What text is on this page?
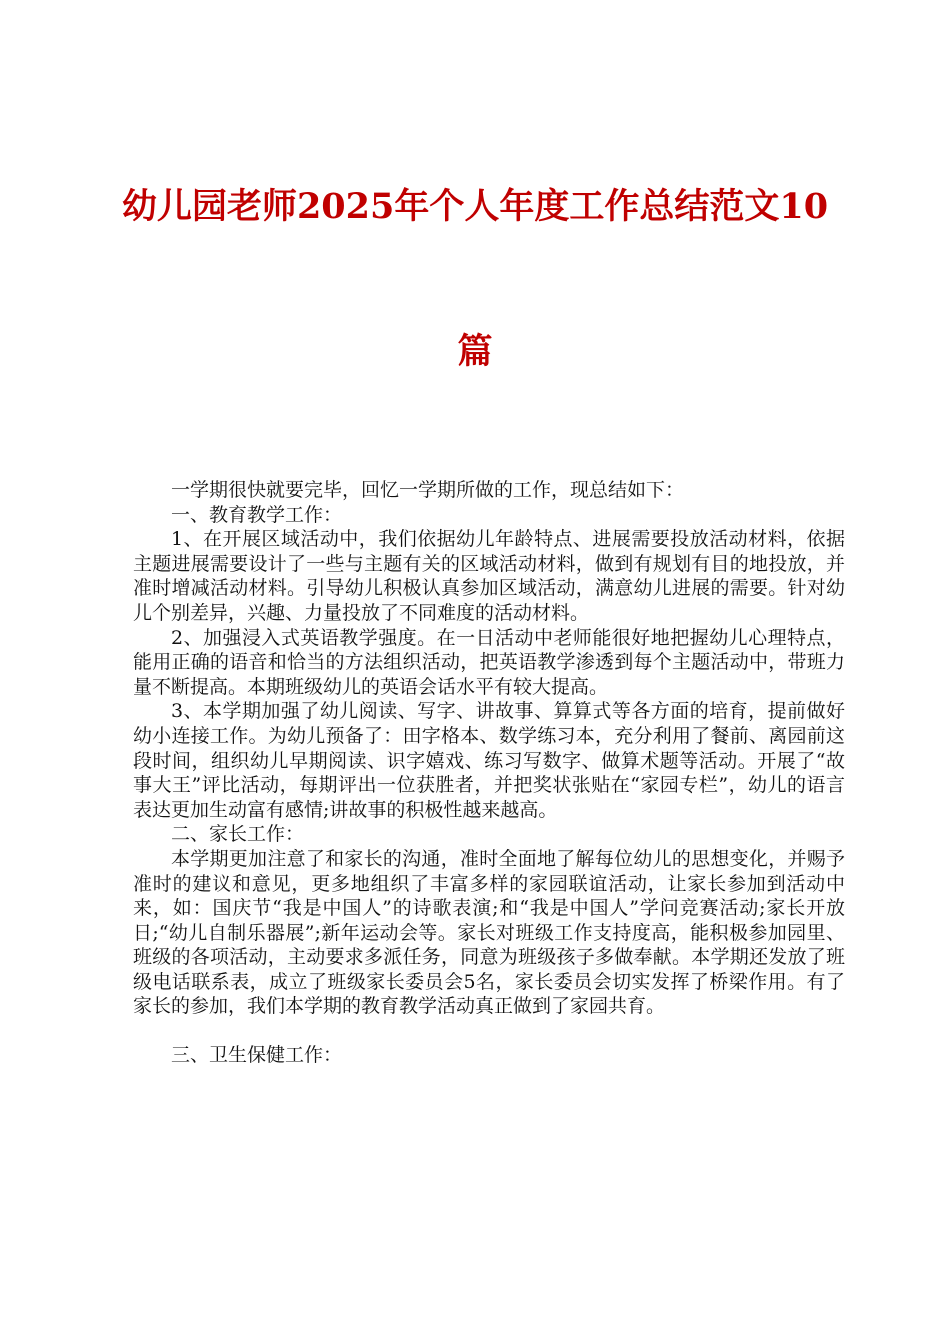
幼儿园老师2025年个人年度工作总结范文10
篇

一学期很快就要完毕，回忆一学期所做的工作，现总结如下：

一、教育教学工作：

1、在开展区域活动中，我们依据幼儿年龄特点、进展需要投放活动材料，依据主题进展需要设计了一些与主题有关的区域活动材料，做到有规划有目的地投放，并准时增减活动材料。引导幼儿积极认真参加区域活动，满意幼儿进展的需要。针对幼儿个别差异，兴趣、力量投放了不同难度的活动材料。

2、加强浸入式英语教学强度。在一日活动中老师能很好地把握幼儿心理特点，能用正确的语音和恰当的方法组织活动，把英语教学渗透到每个主题活动中，带班力量不断提高。本期班级幼儿的英语会话水平有较大提高。

3、本学期加强了幼儿阅读、写字、讲故事、算算式等各方面的培育，提前做好幼小连接工作。为幼儿预备了：田字格本、数学练习本，充分利用了餐前、离园前这段时间，组织幼儿早期阅读、识字嬉戏、练习写数字、做算术题等活动。开展了“故事大王”评比活动，每期评出一位获胜者，并把奖状张贴在“家园专栏”，幼儿的语言表达更加生动富有感情;讲故事的积极性越来越高。

二、家长工作：

本学期更加注意了和家长的沟通，准时全面地了解每位幼儿的思想变化，并赐予准时的建议和意见，更多地组织了丰富多样的家园联谊活动，让家长参加到活动中来，如：国庆节“我是中国人”的诗歌表演;和“我是中国人”学问竞赛活动;家长开放日;“幼儿自制乐器展”;新年运动会等。家长对班级工作支持度高，能积极参加园里、班级的各项活动，主动要求多派任务，同意为班级孩子多做奉献。本学期还发放了班级电话联系表，成立了班级家长委员会5名，家长委员会切实发挥了桥梁作用。有了家长的参加，我们本学期的教育教学活动真正做到了家园共育。

三、卫生保健工作：
